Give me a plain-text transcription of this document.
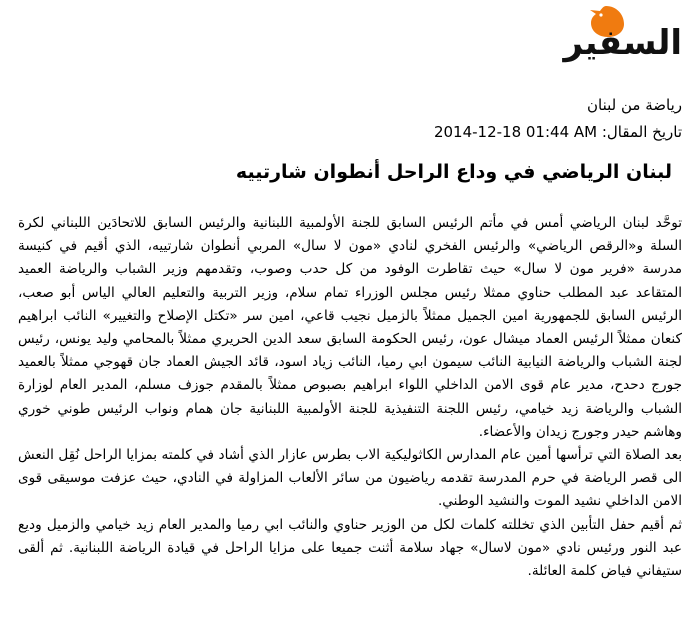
السفير
رياضة من لبنان
تاريخ المقال: 2014-12-18 01:44 AM
لبنان الرياضي في وداع الراحل أنطوان شارتييه

توحَّد لبنان الرياضي أمس في مأتم الرئيس السابق للجنة الأولمبية اللبنانية والرئيس السابق للاتحادَين اللبناني لكرة السلة و«الرقص الرياضي» والرئيس الفخري لنادي «مون لا سال» المربي أنطوان شارتييه، الذي أقيم في كنيسة مدرسة «فرير مون لا سال» حيث تقاطرت الوفود من كل حدب وصوب، وتقدمهم وزير الشباب والرياضة العميد المتقاعد عبد المطلب حناوي ممثلا رئيس مجلس الوزراء تمام سلام، وزير التربية والتعليم العالي الياس أبو صعب، الرئيس السابق للجمهورية امين الجميل ممثلاً بالزميل نجيب قاعي، امين سر «تكتل الإصلاح والتغيير» النائب ابراهيم كنعان ممثلاً الرئيس العماد ميشال عون، رئيس الحكومة السابق سعد الدين الحريري ممثلاً بالمحامي وليد يونس، رئيس لجنة الشباب والرياضة النيابية النائب سيمون ابي رميا، النائب زياد اسود، قائد الجيش العماد جان قهوجي ممثلاً بالعميد جورج دحدح، مدير عام قوى الامن الداخلي اللواء ابراهيم بصبوص ممثلاً بالمقدم جوزف مسلم، المدير العام لوزارة الشباب والرياضة زيد خيامي، رئيس اللجنة التنفيذية للجنة الأولمبية اللبنانية جان همام ونواب الرئيس طوني خوري وهاشم حيدر وجورج زيدان والأعضاء.

بعد الصلاة التي ترأسها أمين عام المدارس الكاثوليكية الاب بطرس عازار الذي أشاد في كلمته بمزايا الراحل نُقِل النعش الى قصر الرياضة في حرم المدرسة تقدمه رياضيون من سائر الألعاب المزاولة في النادي، حيث عزفت موسيقى قوى الامن الداخلي نشيد الموت والنشيد الوطني.

ثم أقيم حفل التأبين الذي تخللته كلمات لكل من الوزير حناوي والنائب ابي رميا والمدير العام زيد خيامي والزميل وديع عبد النور ورئيس نادي «مون لاسال» جهاد سلامة أثنت جميعا على مزايا الراحل في قيادة الرياضة اللبنانية. ثم ألقى ستيفاني فياض كلمة العائلة.
